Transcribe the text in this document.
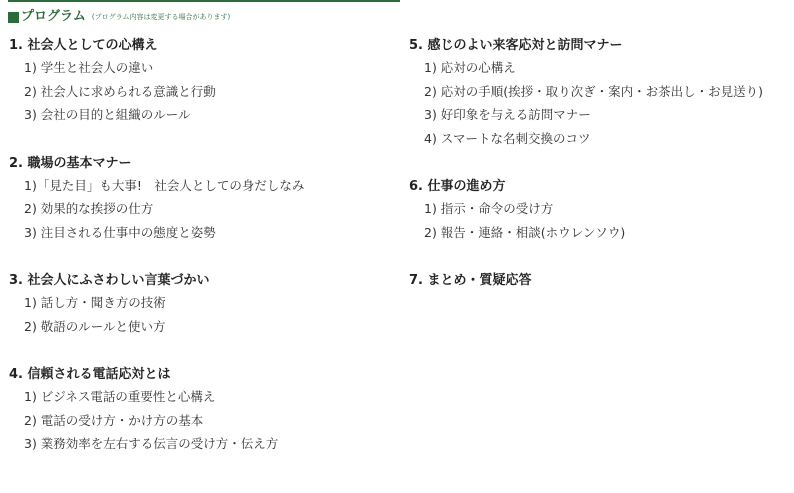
プログラム (プログラム内容は変更する場合があります)
1. 社会人としての心構え
1) 学生と社会人の違い
2) 社会人に求められる意識と行動
3) 会社の目的と組織のルール
2. 職場の基本マナー
1)「見た目」も大事!　社会人としての身だしなみ
2) 効果的な挨拶の仕方
3) 注目される仕事中の態度と姿勢
3. 社会人にふさわしい言葉づかい
1) 話し方・聞き方の技術
2) 敬語のルールと使い方
4. 信頼される電話応対とは
1) ビジネス電話の重要性と心構え
2) 電話の受け方・かけ方の基本
3) 業務効率を左右する伝言の受け方・伝え方
5. 感じのよい来客応対と訪問マナー
1) 応対の心構え
2) 応対の手順(挨拶・取り次ぎ・案内・お茶出し・お見送り)
3) 好印象を与える訪問マナー
4) スマートな名刺交換のコツ
6. 仕事の進め方
1) 指示・命令の受け方
2) 報告・連絡・相談(ホウレンソウ)
7. まとめ・質疑応答
